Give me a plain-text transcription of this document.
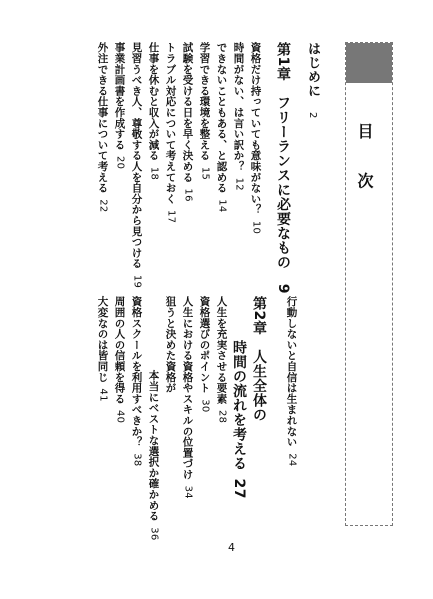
目 次
はじめに2
第1章　フリーランスに必要なもの9
資格だけ持っていても意味がない？10
時間がない、は言い訳か？12
できないこともある、と認める14
学習できる環境を整える15
試験を受ける日を早く決める16
トラブル対応について考えておく17
仕事を休むと収入が減る18
見習うべき人、尊敬する人を自分から見つける19
事業計画書を作成する20
外注できる仕事について考える22
行動しないと自信は生まれない24
第2章　人生全体の
時間の流れを考える27
人生を充実させる要素28
資格選びのポイント30
人生における資格やスキルの位置づけ34
狙うと決めた資格が
本当にベストな選択か確かめる36
資格スクールを利用すべきか？38
周囲の人の信頼を得る40
大変なのは皆同じ41
4
